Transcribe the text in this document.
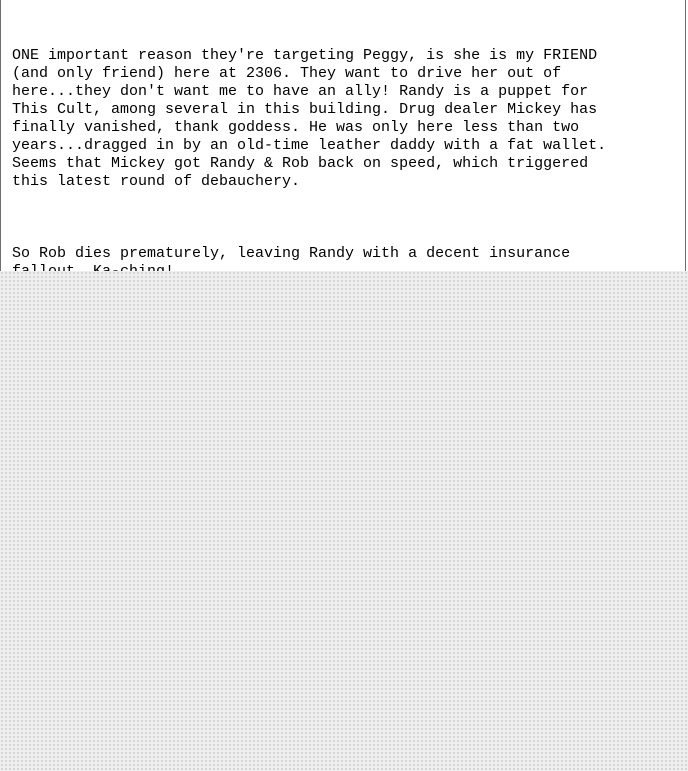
ONE important reason they're targeting Peggy, is she is my FRIEND
(and only friend) here at 2306. They want to drive her out of
here...they don't want me to have an ally! Randy is a puppet for
This Cult, among several in this building. Drug dealer Mickey has
finally vanished, thank goddess. He was only here less than two
years...dragged in by an old-time leather daddy with a fat wallet.
Seems that Mickey got Randy & Rob back on speed, which triggered
this latest round of debauchery.

So Rob dies prematurely, leaving Randy with a decent insurance
